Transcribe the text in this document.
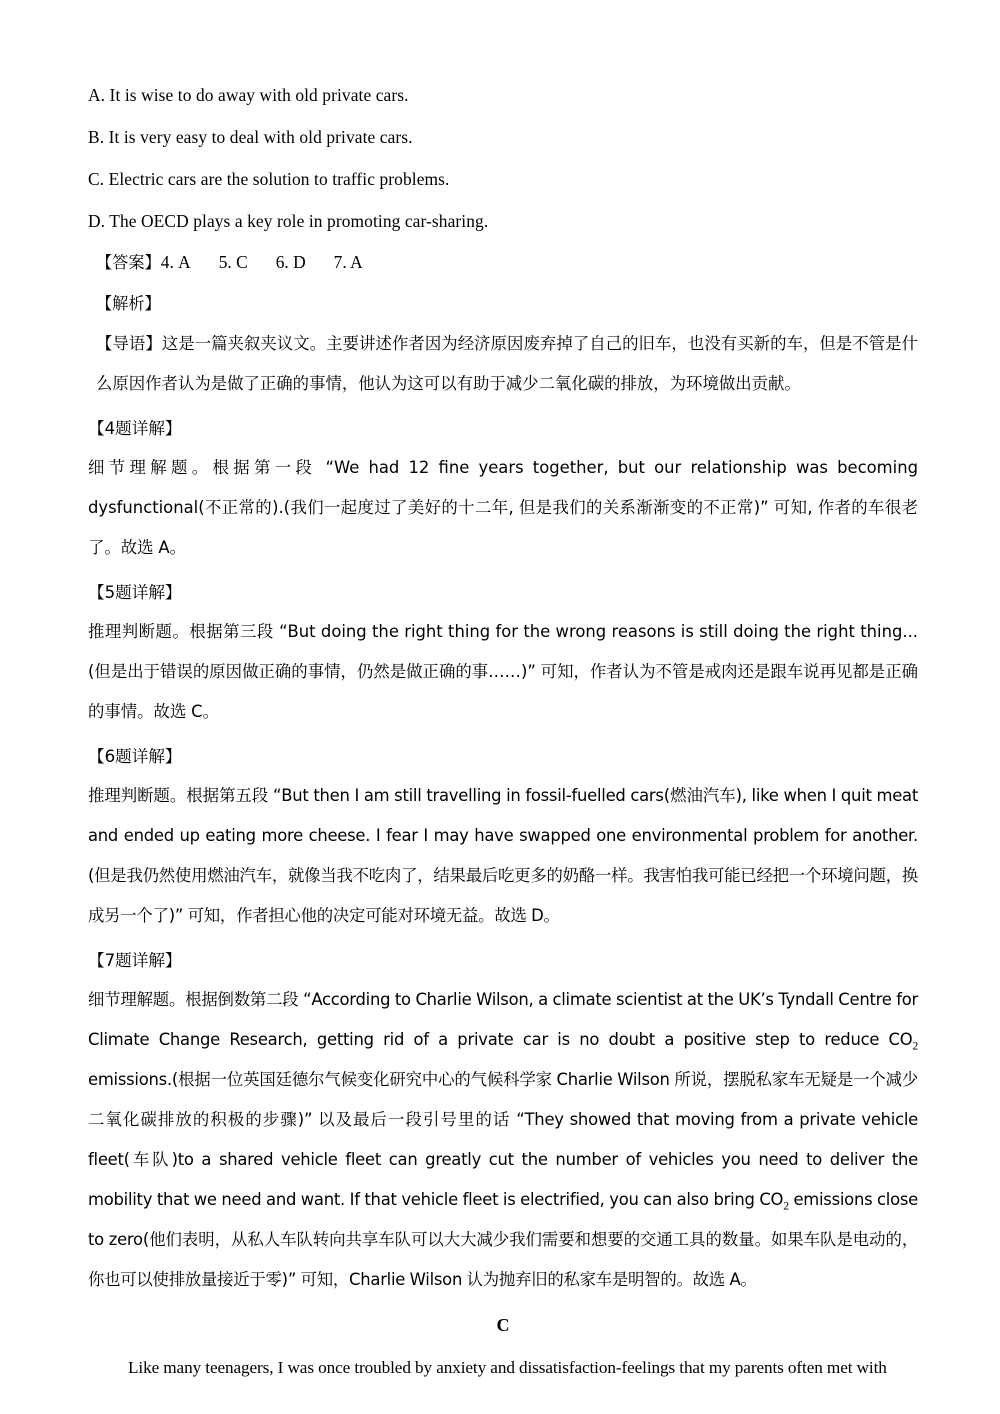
A. It is wise to do away with old private cars.
B. It is very easy to deal with old private cars.
C. Electric cars are the solution to traffic problems.
D. The OECD plays a key role in promoting car-sharing.
【答案】4. A 5. C 6. D 7. A
【解析】
【导语】这是一篇夹叙夹议文。主要讲述作者因为经济原因废弃掉了自己的旧车，也没有买新的车，但是不管是什么原因作者认为是做了正确的事情，他认为这可以有助于减少二氧化碳的排放，为环境做出贡献。
【4题详解】
细节理解题。根据第一段 “We had 12 fine years together, but our relationship was becoming dysfunctional(不正常的).(我们一起度过了美好的十二年, 但是我们的关系渐渐变的不正常)” 可知, 作者的车很老了。故选 A。
【5题详解】
推理判断题。根据第三段 “But doing the right thing for the wrong reasons is still doing the right thing...(但是出于错误的原因做正确的事情，仍然是做正确的事……)” 可知，作者认为不管是戒肉还是跟车说再见都是正确的事情。故选 C。
【6题详解】
推理判断题。根据第五段 “But then I am still travelling in fossil-fuelled cars(燃油汽车), like when I quit meat and ended up eating more cheese. I fear I may have swapped one environmental problem for another.(但是我仍然使用燃油汽车，就像当我不吃肉了，结果最后吃更多的奶酪一样。我害怕我可能已经把一个环境问题，换成另一个了)” 可知，作者担心他的决定可能对环境无益。故选 D。
【7题详解】
细节理解题。根据倒数第二段 “According to Charlie Wilson, a climate scientist at the UK’s Tyndall Centre for Climate Change Research, getting rid of a private car is no doubt a positive step to reduce $CO_2$ emissions.(根据一位英国廷德尔气候变化研究中心的气候科学家 Charlie Wilson 所说，摆脱私家车无疑是一个减少二氧化碳排放的积极的步骤)” 以及最后一段引号里的话 “They showed that moving from a private vehicle fleet(车队)to a shared vehicle fleet can greatly cut the number of vehicles you need to deliver the mobility that we need and want. If that vehicle fleet is electrified, you can also bring $CO_2$ emissions close to zero(他们表明，从私人车队转向共享车队可以大大减少我们需要和想要的交通工具的数量。如果车队是电动的，你也可以使排放量接近于零)” 可知，Charlie Wilson 认为抛弃旧的私家车是明智的。故选 A。
C
Like many teenagers, I was once troubled by anxiety and dissatisfaction-feelings that my parents often met with
